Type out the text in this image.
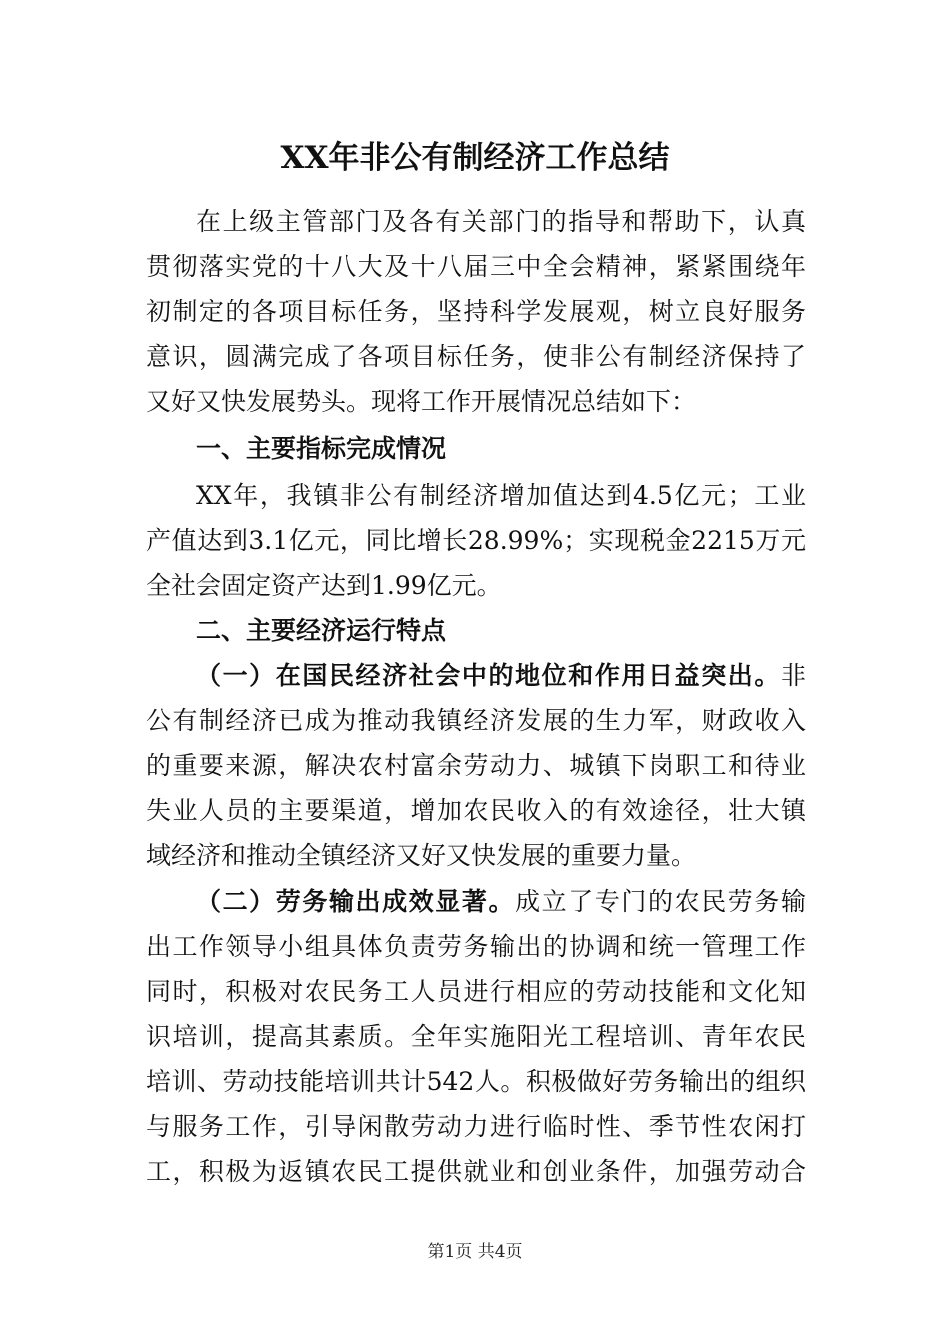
XX年非公有制经济工作总结
在上级主管部门及各有关部门的指导和帮助下，认真
贯彻落实党的十八大及十八届三中全会精神，紧紧围绕年
初制定的各项目标任务，坚持科学发展观，树立良好服务
意识，圆满完成了各项目标任务，使非公有制经济保持了
又好又快发展势头。现将工作开展情况总结如下：
一、主要指标完成情况
XX年，我镇非公有制经济增加值达到4.5亿元；工业
产值达到3.1亿元，同比增长28.99%；实现税金2215万元
全社会固定资产达到1.99亿元。
二、主要经济运行特点
（一）在国民经济社会中的地位和作用日益突出。非
公有制经济已成为推动我镇经济发展的生力军，财政收入
的重要来源，解决农村富余劳动力、城镇下岗职工和待业
失业人员的主要渠道，增加农民收入的有效途径，壮大镇
域经济和推动全镇经济又好又快发展的重要力量。
（二）劳务输出成效显著。成立了专门的农民劳务输
出工作领导小组具体负责劳务输出的协调和统一管理工作
同时，积极对农民务工人员进行相应的劳动技能和文化知
识培训，提高其素质。全年实施阳光工程培训、青年农民
培训、劳动技能培训共计542人。积极做好劳务输出的组织
与服务工作，引导闲散劳动力进行临时性、季节性农闲打
工，积极为返镇农民工提供就业和创业条件，加强劳动合
第1页 共4页
